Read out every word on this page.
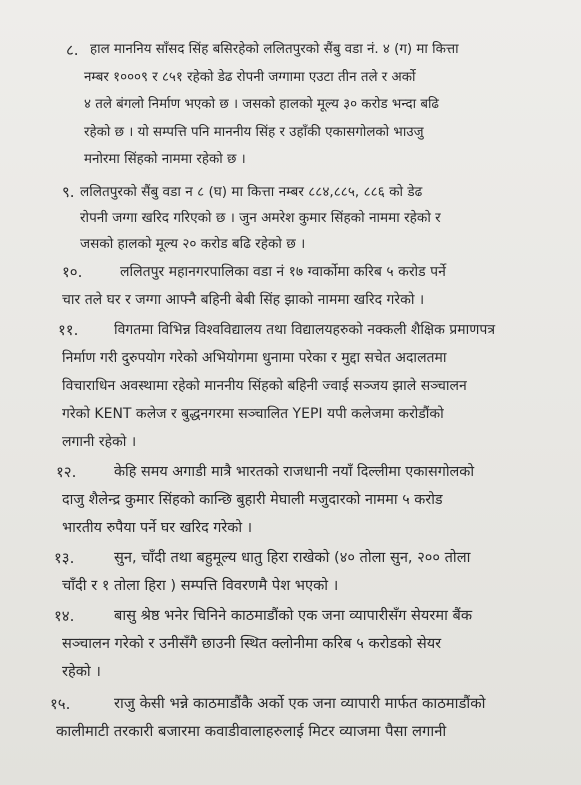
८. हाल माननिय साँसद सिंह बसिरहेको ललितपुरको सैंबु वडा नं. ४ (ग) मा कित्ता
नम्बर १०००९ र ८५१ रहेको डेढ रोपनी जग्गामा एउटा तीन तले र अर्को
४ तले बंगलो निर्माण भएको छ । जसको हालको मूल्य ३० करोड भन्दा बढि
रहेको छ । यो सम्पत्ति पनि माननीय सिंह र उहाँकी एकासगोलको भाउजु
मनोरमा सिंहको नाममा रहेको छ ।
९. ललितपुरको सैंबु वडा न ८ (घ) मा कित्ता नम्बर ८८४,८८५, ८८६ को डेढ
रोपनी जग्गा खरिद गरिएको छ । जुन अमरेश कुमार सिंहको नाममा रहेको र
जसको हालको मूल्य २० करोड बढि रहेको छ ।
१०.	ललितपुर महानगरपालिका वडा नं १७ ग्वार्कोमा करिब ५ करोड पर्ने
चार तले घर र जग्गा आफ्नै बहिनी बेबी सिंह झाको नाममा खरिद गरेको ।
११.	विगतमा विभिन्न विश्वविद्यालय तथा विद्यालयहरुको नक्कली शैक्षिक प्रमाणपत्र
निर्माण गरी दुरुपयोग गरेको अभियोगमा धुनामा परेका र मुद्दा सचेत अदालतमा
विचाराधिन अवस्थामा रहेको माननीय सिंहको बहिनी ज्वाई सञ्जय झाले सञ्चालन
गरेको KENT कलेज र बुद्धनगरमा सञ्चालित YEPI यपी कलेजमा करोडौंको
लगानी रहेको ।
१२.	केहि समय अगाडी मात्रै भारतको राजधानी नयाँ दिल्लीमा एकासगोलको
दाजु शैलेन्द्र कुमार सिंहको कान्छि बुहारी मेघाली मजुदारको नाममा ५ करोड
भारतीय रुपैया पर्ने घर खरिद गरेको ।
१३.	सुन, चाँदी तथा बहुमूल्य धातु हिरा राखेको (४० तोला सुन, २०० तोला
चाँदी र १ तोला हिरा ) सम्पत्ति विवरणमै पेश भएको ।
१४.	बासु श्रेष्ठ भनेर चिनिने काठमाडौंको एक जना व्यापारीसँग सेयरमा बैंक
सञ्चालन गरेको र उनीसँगै छाउनी स्थित क्लोनीमा करिब ५ करोडको सेयर
रहेको ।
१५.	राजु केसी भन्ने काठमाडौंकै अर्को एक जना व्यापारी मार्फत काठमाडौंको
कालीमाटी तरकारी बजारमा कवाडीवालाहरुलाई मिटर व्याजमा पैसा लगानी
